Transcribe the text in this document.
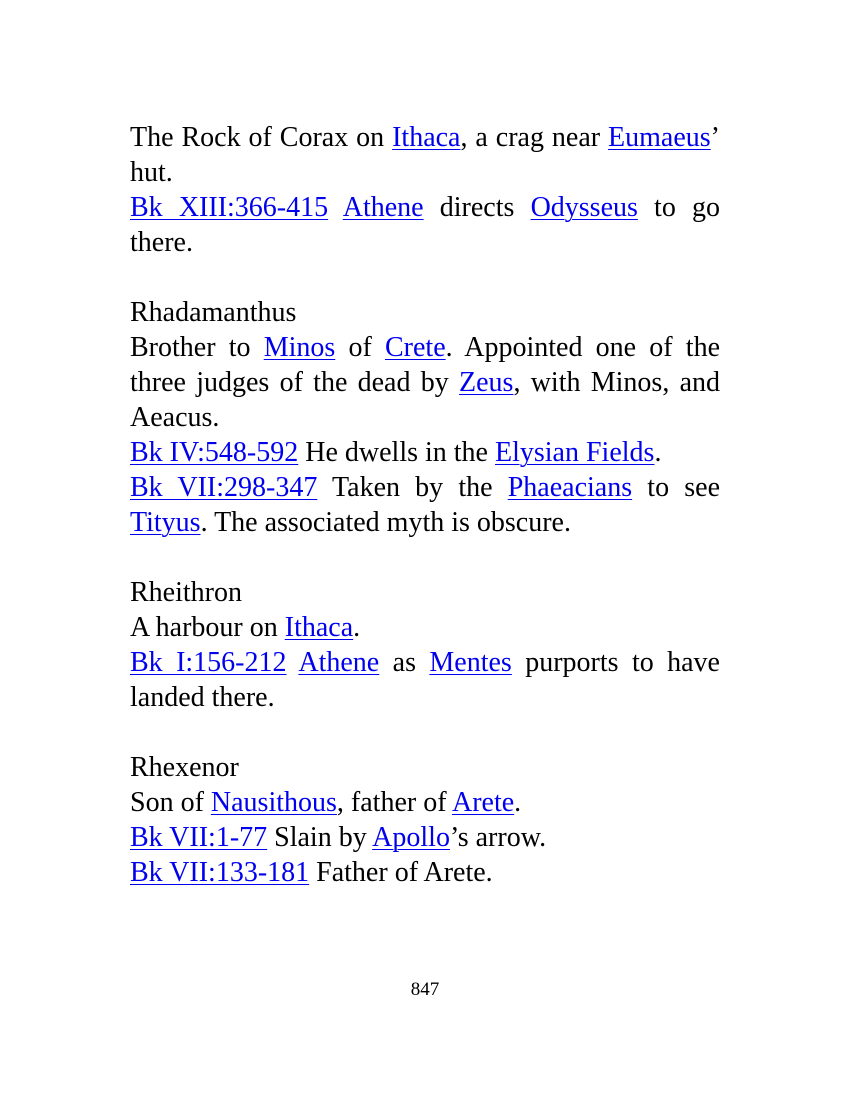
The Rock of Corax on Ithaca, a crag near Eumaeus’ hut.

Bk XIII:366-415 Athene directs Odysseus to go there.

Rhadamanthus

Brother to Minos of Crete. Appointed one of the three judges of the dead by Zeus, with Minos, and Aeacus.

Bk IV:548-592 He dwells in the Elysian Fields.

Bk VII:298-347 Taken by the Phaeacians to see Tityus. The associated myth is obscure.

Rheithron

A harbour on Ithaca.

Bk I:156-212 Athene as Mentes purports to have landed there.

Rhexenor

Son of Nausithous, father of Arete.

Bk VII:1-77 Slain by Apollo’s arrow.

Bk VII:133-181 Father of Arete.

847
